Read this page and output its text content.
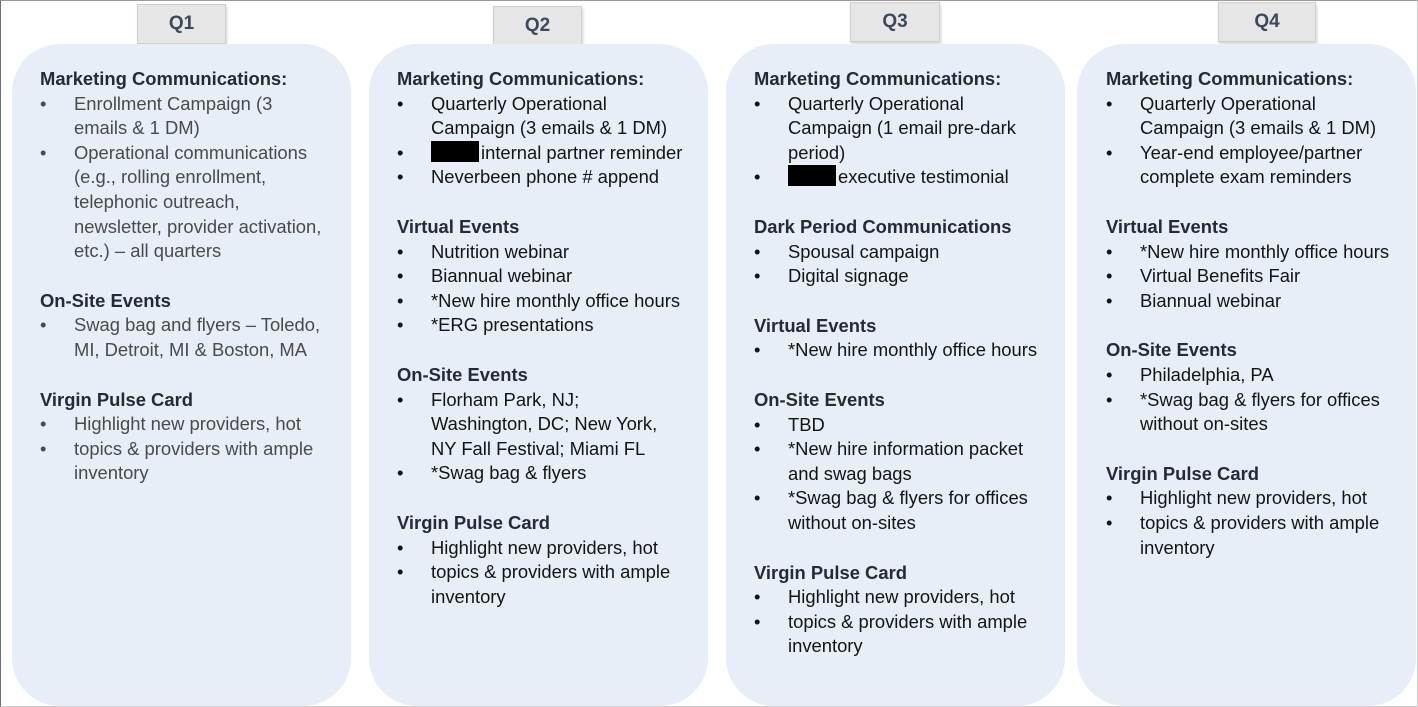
Q1	Q2	Q3	Q4
Marketing Communications:
• Enrollment Campaign (3 emails & 1 DM)
• Operational communications (e.g., rolling enrollment, telephonic outreach, newsletter, provider activation, etc.) – all quarters
On-Site Events
• Swag bag and flyers – Toledo, MI, Detroit, MI & Boston, MA
Virgin Pulse Card
• Highlight new providers, hot
• topics & providers with ample inventory
Marketing Communications:
• Quarterly Operational Campaign (3 emails & 1 DM)
• internal partner reminder
• Neverbeen phone # append
Virtual Events
• Nutrition webinar
• Biannual webinar
• *New hire monthly office hours
• *ERG presentations
On-Site Events
• Florham Park, NJ; Washington, DC; New York, NY Fall Festival; Miami FL
• *Swag bag & flyers
Virgin Pulse Card
• Highlight new providers, hot
• topics & providers with ample inventory
Marketing Communications:
• Quarterly Operational Campaign (1 email pre-dark period)
• executive testimonial
Dark Period Communications
• Spousal campaign
• Digital signage
Virtual Events
• *New hire monthly office hours
On-Site Events
• TBD
• *New hire information packet and swag bags
• *Swag bag & flyers for offices without on-sites
Virgin Pulse Card
• Highlight new providers, hot
• topics & providers with ample inventory
Marketing Communications:
• Quarterly Operational Campaign (3 emails & 1 DM)
• Year-end employee/partner complete exam reminders
Virtual Events
• *New hire monthly office hours
• Virtual Benefits Fair
• Biannual webinar
On-Site Events
• Philadelphia, PA
• *Swag bag & flyers for offices without on-sites
Virgin Pulse Card
• Highlight new providers, hot
• topics & providers with ample inventory
